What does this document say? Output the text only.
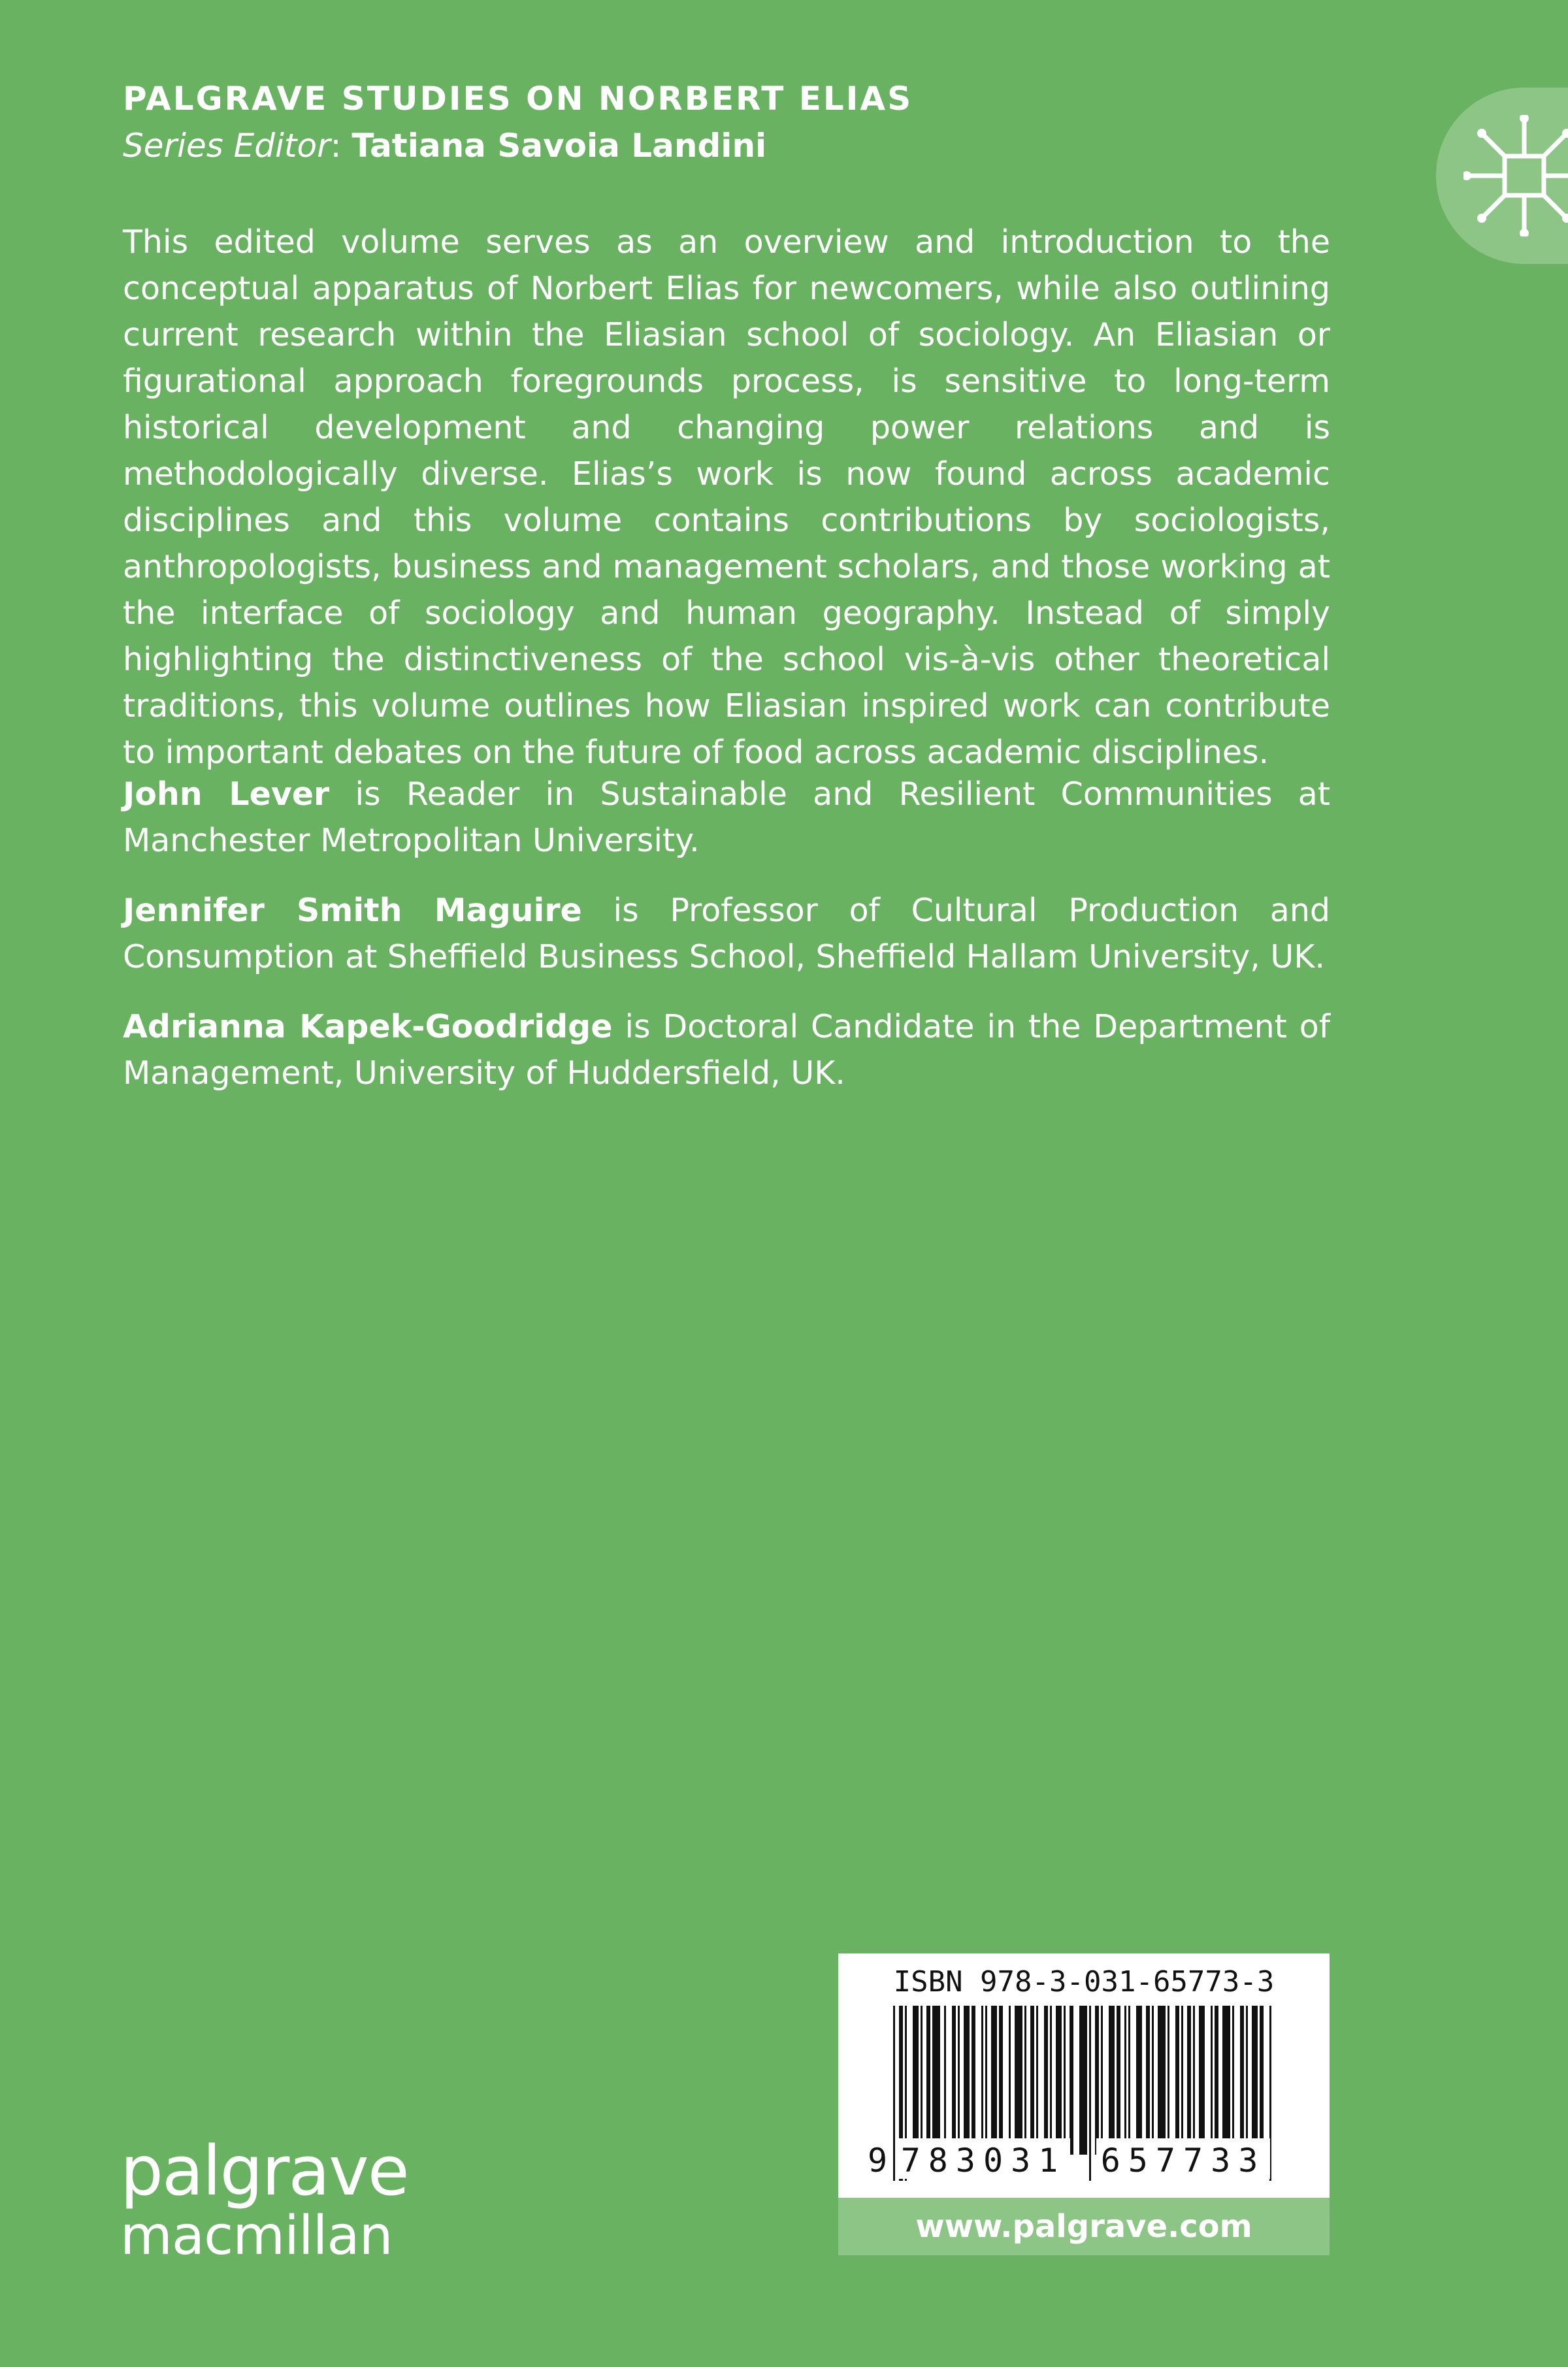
PALGRAVE STUDIES ON NORBERT ELIAS
Series Editor: Tatiana Savoia Landini
This edited volume serves as an overview and introduction to the conceptual apparatus of Norbert Elias for newcomers, while also outlining current research within the Eliasian school of sociology. An Eliasian or figurational approach foregrounds process, is sensitive to long-term historical development and changing power relations and is methodologically diverse. Elias’s work is now found across academic disciplines and this volume contains contributions by sociologists, anthropologists, business and management scholars, and those working at the interface of sociology and human geography. Instead of simply highlighting the distinctiveness of the school vis-à-vis other theoretical traditions, this volume outlines how Eliasian inspired work can contribute to important debates on the future of food across academic disciplines.

John Lever is Reader in Sustainable and Resilient Communities at Manchester Metropolitan University.

Jennifer Smith Maguire is Professor of Cultural Production and Consumption at Sheffield Business School, Sheffield Hallam University, UK.

Adrianna Kapek-Goodridge is Doctoral Candidate in the Department of Management, University of Huddersfield, UK.

palgrave
macmillan
ISBN 978-3-031-65773-3
9 783031 657733
www.palgrave.com
